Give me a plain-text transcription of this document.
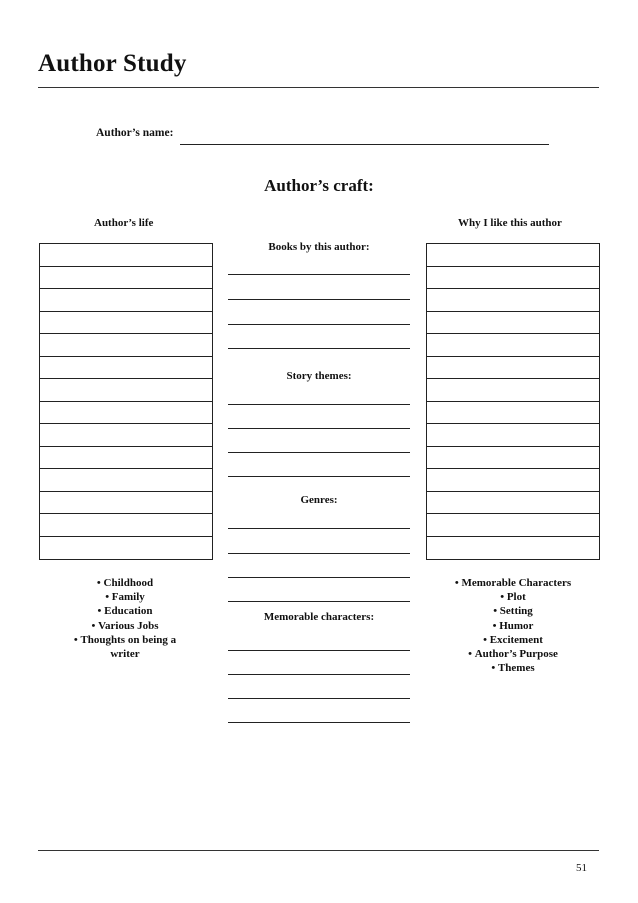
Author Study
Author’s name:
Author’s craft:
Author’s life	Why I like this author
Books by this author:
Story themes:
Genres:
Memorable characters:
• Childhood
• Family
• Education
• Various Jobs
• Thoughts on being a writer
• Memorable Characters
• Plot
• Setting
• Humor
• Excitement
• Author’s Purpose
• Themes
51
